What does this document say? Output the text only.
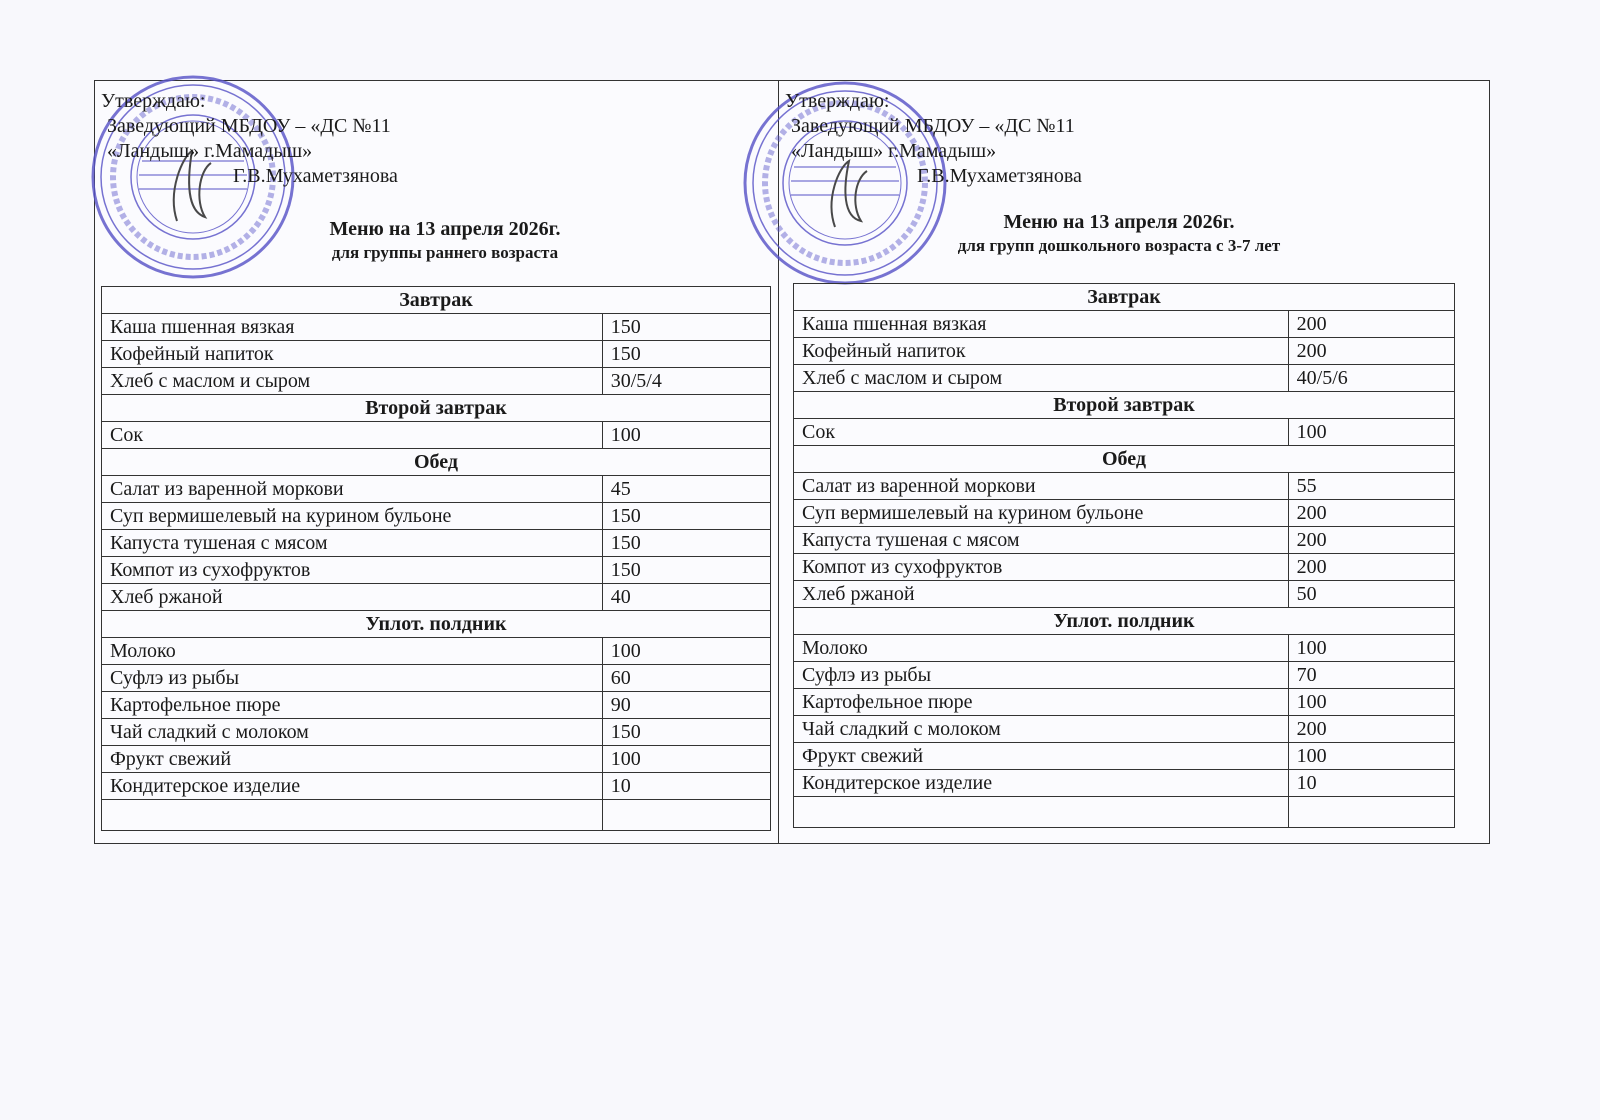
Утверждаю:
Заведующий МБДОУ – «ДС №11
«Ландыш» г.Мамадыш»
Г.В.Мухаметзянова
Меню на 13 апреля 2026г.
для группы раннего возраста
Завтрак	
Каша пшенная вязкая	150
Кофейный напиток	150
Хлеб с маслом и сыром	30/5/4
Второй завтрак	
Сок	100
Обед	
Салат из варенной моркови	45
Суп вермишелевый на курином бульоне	150
Капуста тушеная с мясом	150
Компот из сухофруктов	150
Хлеб ржаной	40
Уплот. полдник	
Молоко	100
Суфлэ из рыбы	60
Картофельное пюре	90
Чай сладкий с молоком	150
Фрукт свежий	100
Кондитерское изделие	10

Утверждаю:
Заведующий МБДОУ – «ДС №11
«Ландыш» г.Мамадыш»
Г.В.Мухаметзянова
Меню на 13 апреля 2026г.
для групп дошкольного возраста с 3-7 лет
Завтрак	
Каша пшенная вязкая	200
Кофейный напиток	200
Хлеб с маслом и сыром	40/5/6
Второй завтрак	
Сок	100
Обед	
Салат из варенной моркови	55
Суп вермишелевый на курином бульоне	200
Капуста тушеная с мясом	200
Компот из сухофруктов	200
Хлеб ржаной	50
Уплот. полдник	
Молоко	100
Суфлэ из рыбы	70
Картофельное пюре	100
Чай сладкий с молоком	200
Фрукт свежий	100
Кондитерское изделие	10
